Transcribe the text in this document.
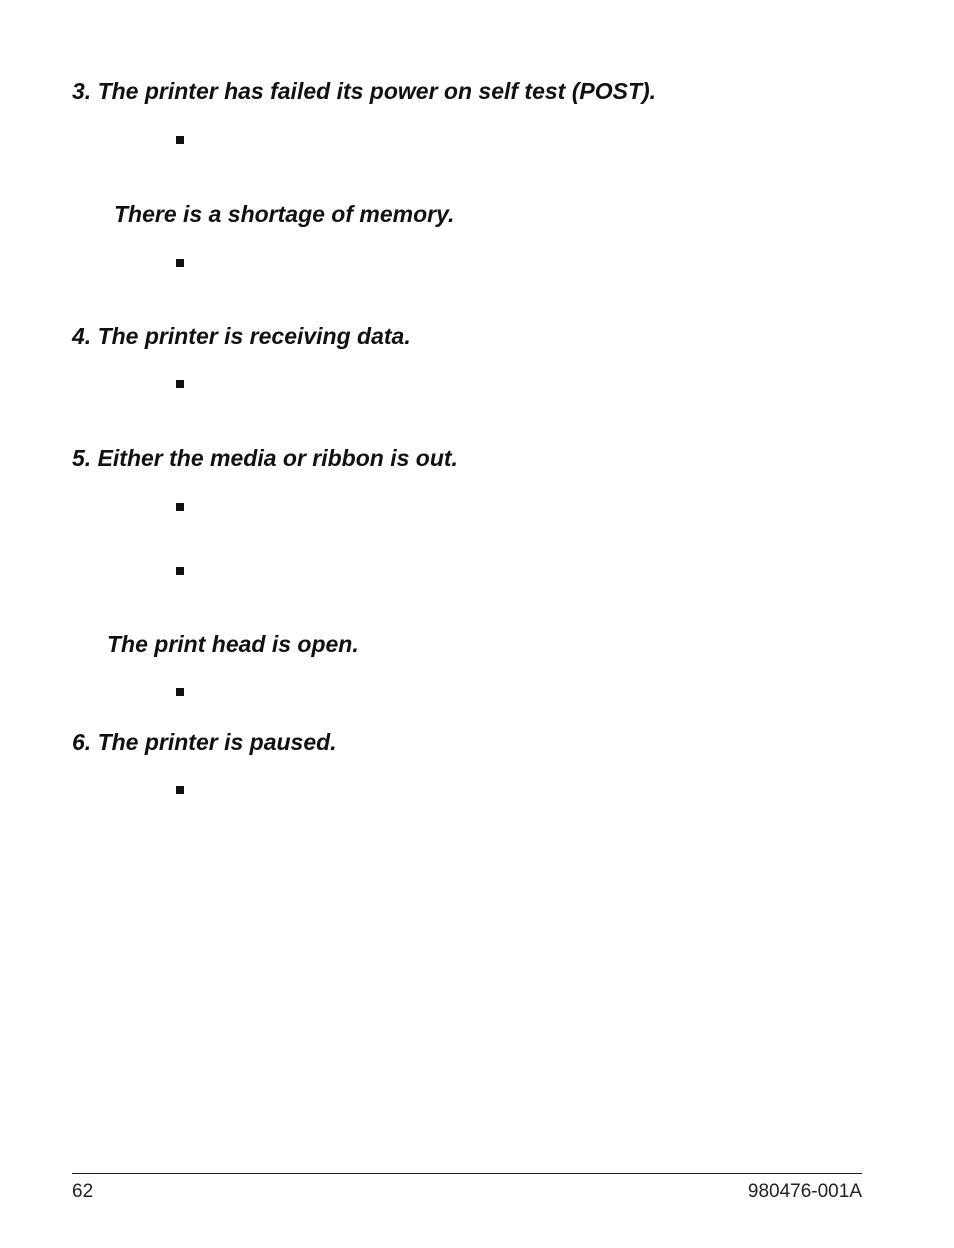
3. The printer has failed its power on self test (POST).
There is a shortage of memory.
4. The printer is receiving data.
5. Either the media or ribbon is out.
The print head is open.
6. The printer is paused.
62	980476-001A
